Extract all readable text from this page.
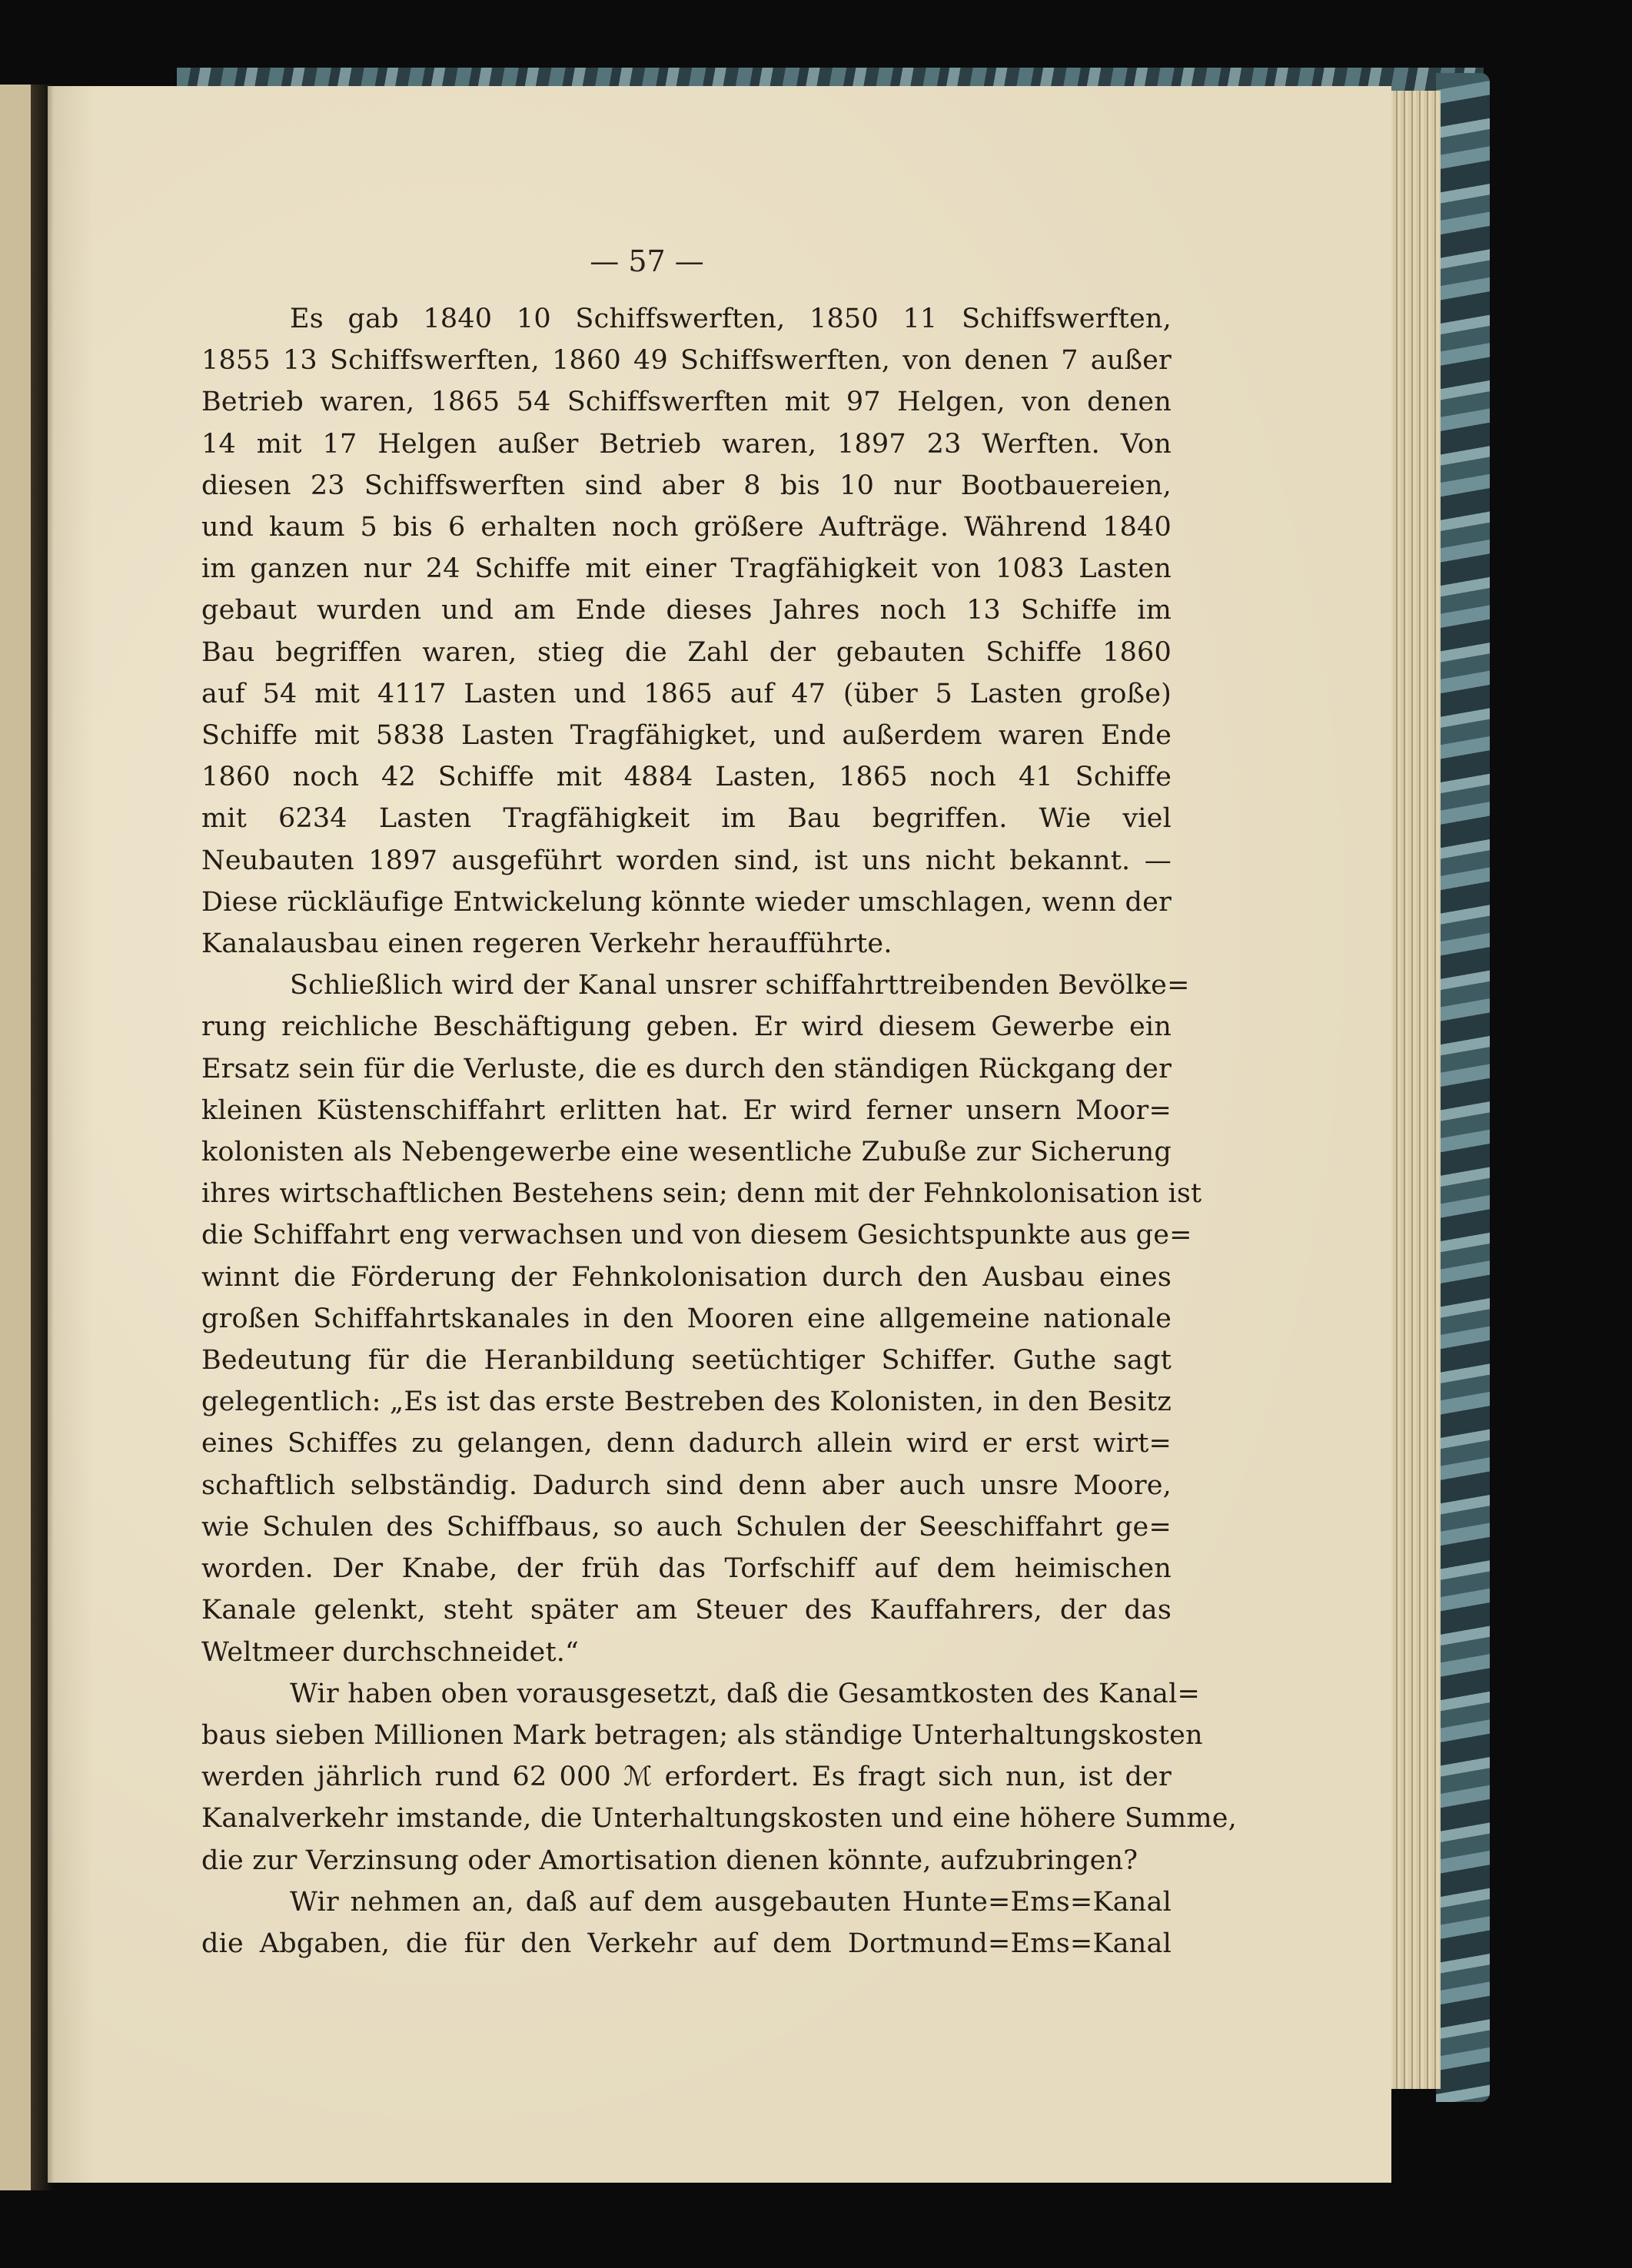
— 57 —

Es gab 1840 10 Schiffswerften, 1850 11 Schiffswerften,

1855 13 Schiffswerften, 1860 49 Schiffswerften, von denen 7 außer

Betrieb waren, 1865 54 Schiffswerften mit 97 Helgen, von denen

14 mit 17 Helgen außer Betrieb waren, 1897 23 Werften. Von

diesen 23 Schiffswerften sind aber 8 bis 10 nur Bootbauereien,

und kaum 5 bis 6 erhalten noch größere Aufträge. Während 1840

im ganzen nur 24 Schiffe mit einer Tragfähigkeit von 1083 Lasten

gebaut wurden und am Ende dieses Jahres noch 13 Schiffe im

Bau begriffen waren, stieg die Zahl der gebauten Schiffe 1860

auf 54 mit 4117 Lasten und 1865 auf 47 (über 5 Lasten große)

Schiffe mit 5838 Lasten Tragfähigket, und außerdem waren Ende

1860 noch 42 Schiffe mit 4884 Lasten, 1865 noch 41 Schiffe

mit 6234 Lasten Tragfähigkeit im Bau begriffen. Wie viel

Neubauten 1897 ausgeführt worden sind, ist uns nicht bekannt. —

Diese rückläufige Entwickelung könnte wieder umschlagen, wenn der

Kanalausbau einen regeren Verkehr heraufführte.

Schließlich wird der Kanal unsrer schiffahrttreibenden Bevölke=

rung reichliche Beschäftigung geben. Er wird diesem Gewerbe ein

Ersatz sein für die Verluste, die es durch den ständigen Rückgang der

kleinen Küstenschiffahrt erlitten hat. Er wird ferner unsern Moor=

kolonisten als Nebengewerbe eine wesentliche Zubuße zur Sicherung

ihres wirtschaftlichen Bestehens sein; denn mit der Fehnkolonisation ist

die Schiffahrt eng verwachsen und von diesem Gesichtspunkte aus ge=

winnt die Förderung der Fehnkolonisation durch den Ausbau eines

großen Schiffahrtskanales in den Mooren eine allgemeine nationale

Bedeutung für die Heranbildung seetüchtiger Schiffer. Guthe sagt

gelegentlich: „Es ist das erste Bestreben des Kolonisten, in den Besitz

eines Schiffes zu gelangen, denn dadurch allein wird er erst wirt=

schaftlich selbständig. Dadurch sind denn aber auch unsre Moore,

wie Schulen des Schiffbaus, so auch Schulen der Seeschiffahrt ge=

worden. Der Knabe, der früh das Torfschiff auf dem heimischen

Kanale gelenkt, steht später am Steuer des Kauffahrers, der das

Weltmeer durchschneidet.“

Wir haben oben vorausgesetzt, daß die Gesamtkosten des Kanal=

baus sieben Millionen Mark betragen; als ständige Unterhaltungskosten

werden jährlich rund 62 000 ℳ erfordert. Es fragt sich nun, ist der

Kanalverkehr imstande, die Unterhaltungskosten und eine höhere Summe,

die zur Verzinsung oder Amortisation dienen könnte, aufzubringen?

Wir nehmen an, daß auf dem ausgebauten Hunte=Ems=Kanal

die Abgaben, die für den Verkehr auf dem Dortmund=Ems=Kanal
